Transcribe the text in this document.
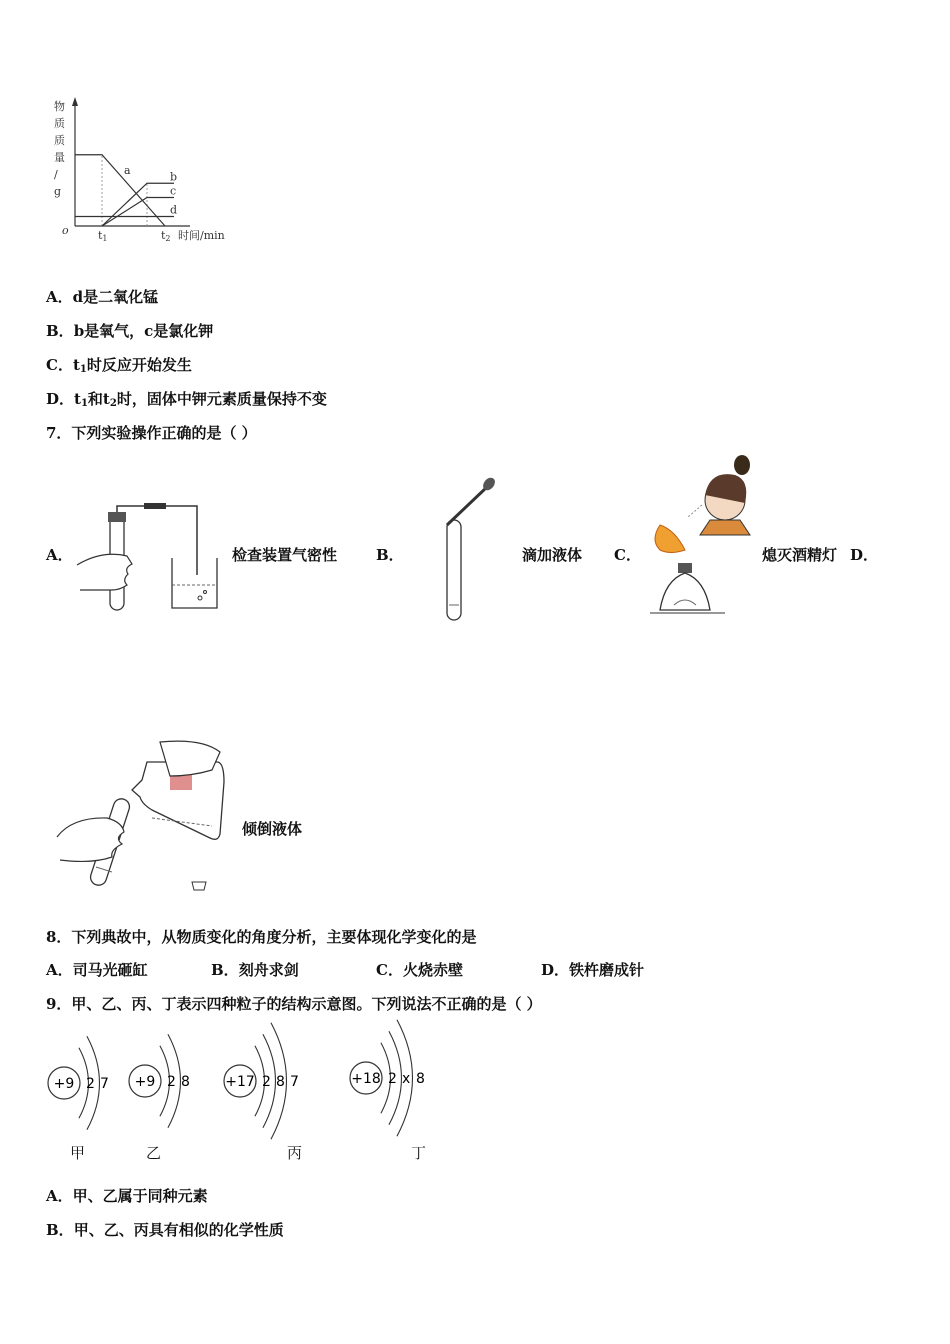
物
质
质
量
/
g
o
a	b
c
d
t1	t2 时间/min
A．d是二氧化锰
B．b是氧气，c是氯化钾
C．$t_1$时反应开始发生
D．$t_1$和$t_2$时，固体中钾元素质量保持不变
7．下列实验操作正确的是（ ）
A．	检查装置气密性	B．	滴加液体 C．	熄灭酒精灯 D．
倾倒液体
8．下列典故中，从物质变化的角度分析，主要体现化学变化的是
A．司马光砸缸	B．刻舟求剑	C．火烧赤壁	D．铁杵磨成针
9．甲、乙、丙、丁表示四种粒子的结构示意图。下列说法不正确的是（ ）
+9 2 7 +9 2 8	+17 2 8 7	+18 2 x 8
甲	乙	丙	丁
A．甲、乙属于同种元素
B．甲、乙、丙具有相似的化学性质
